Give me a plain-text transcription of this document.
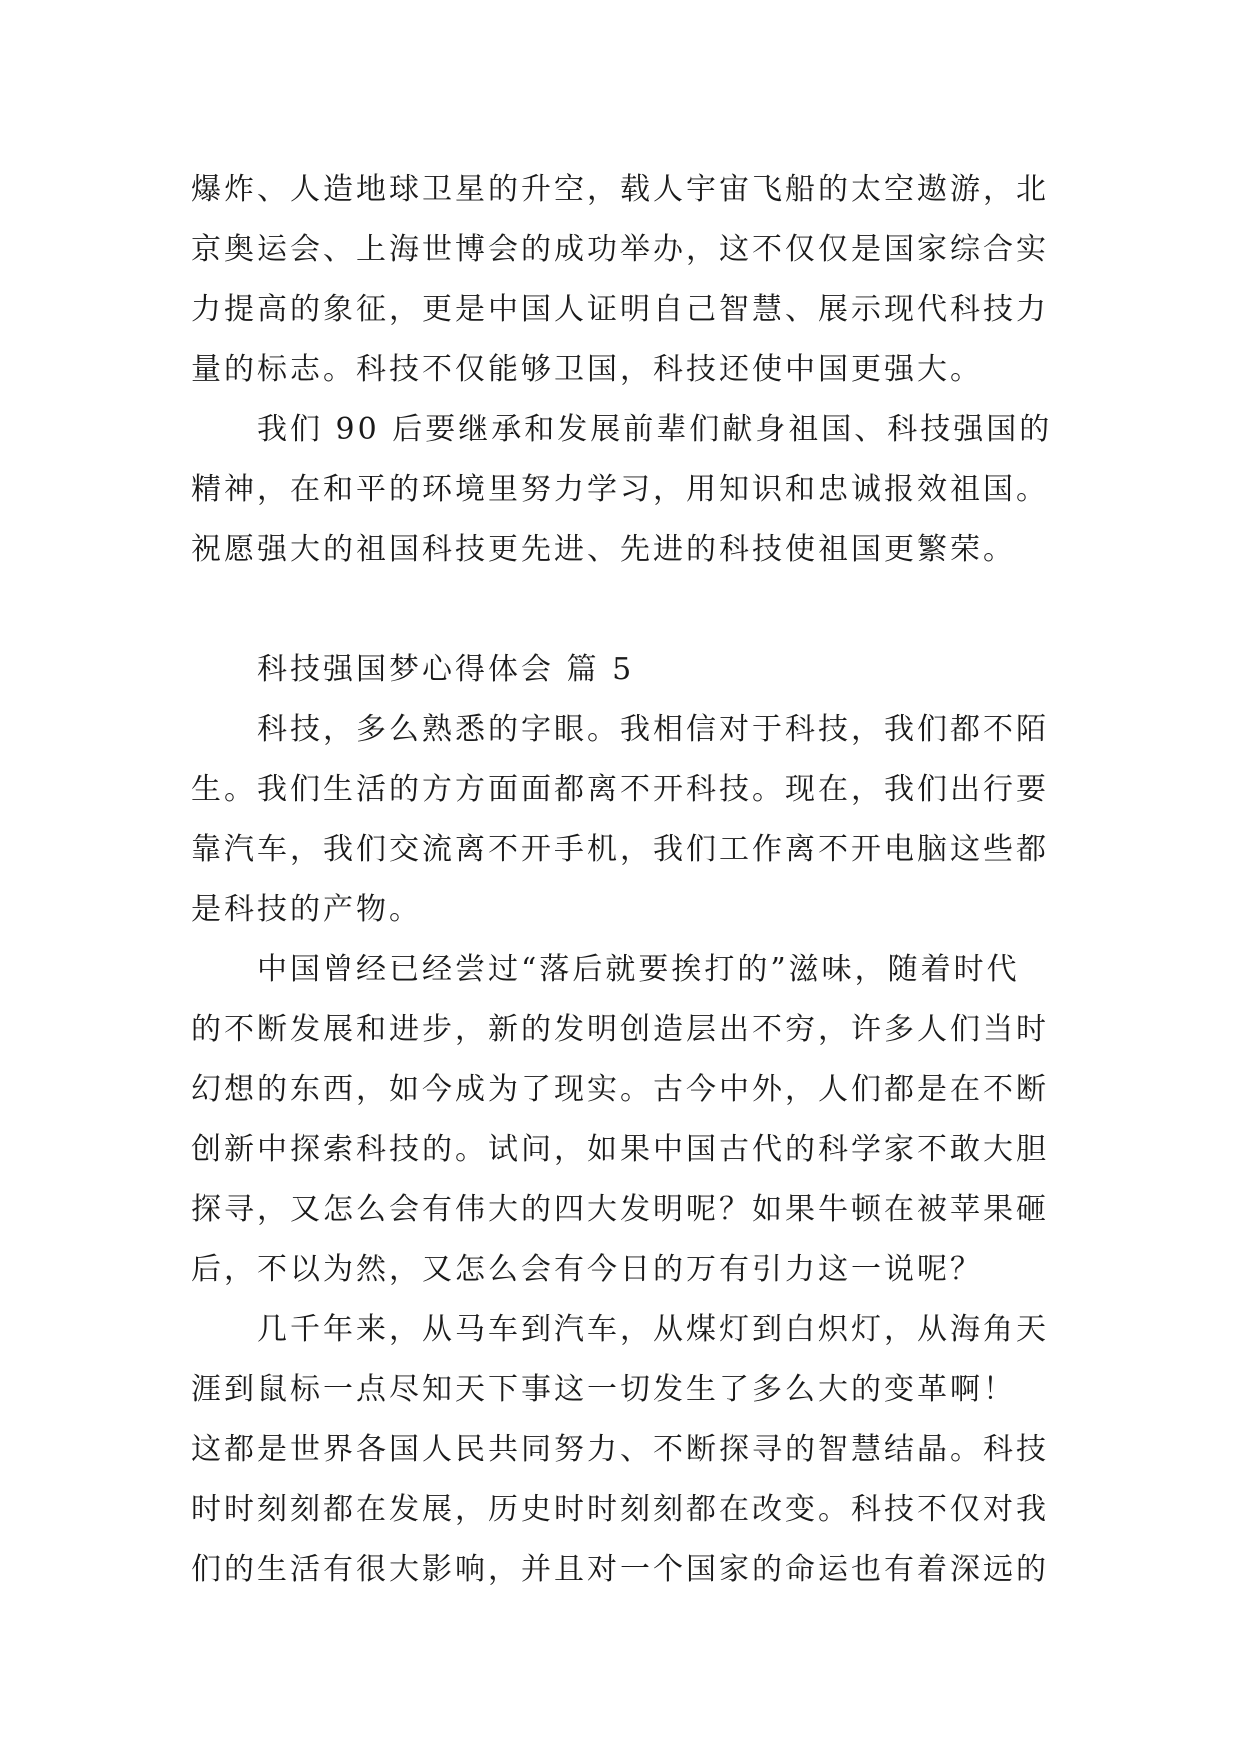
爆炸、人造地球卫星的升空，载人宇宙飞船的太空遨游，北
京奥运会、上海世博会的成功举办，这不仅仅是国家综合实
力提高的象征，更是中国人证明自己智慧、展示现代科技力
量的标志。科技不仅能够卫国，科技还使中国更强大。
我们 90 后要继承和发展前辈们献身祖国、科技强国的
精神，在和平的环境里努力学习，用知识和忠诚报效祖国。
祝愿强大的祖国科技更先进、先进的科技使祖国更繁荣。
科技强国梦心得体会 篇 5
科技，多么熟悉的字眼。我相信对于科技，我们都不陌
生。我们生活的方方面面都离不开科技。现在，我们出行要
靠汽车，我们交流离不开手机，我们工作离不开电脑这些都
是科技的产物。
中国曾经已经尝过“落后就要挨打的”滋味，随着时代
的不断发展和进步，新的发明创造层出不穷，许多人们当时
幻想的东西，如今成为了现实。古今中外，人们都是在不断
创新中探索科技的。试问，如果中国古代的科学家不敢大胆
探寻，又怎么会有伟大的四大发明呢？如果牛顿在被苹果砸
后，不以为然，又怎么会有今日的万有引力这一说呢？
几千年来，从马车到汽车，从煤灯到白炽灯，从海角天
涯到鼠标一点尽知天下事这一切发生了多么大的变革啊！
这都是世界各国人民共同努力、不断探寻的智慧结晶。科技
时时刻刻都在发展，历史时时刻刻都在改变。科技不仅对我
们的生活有很大影响，并且对一个国家的命运也有着深远的
